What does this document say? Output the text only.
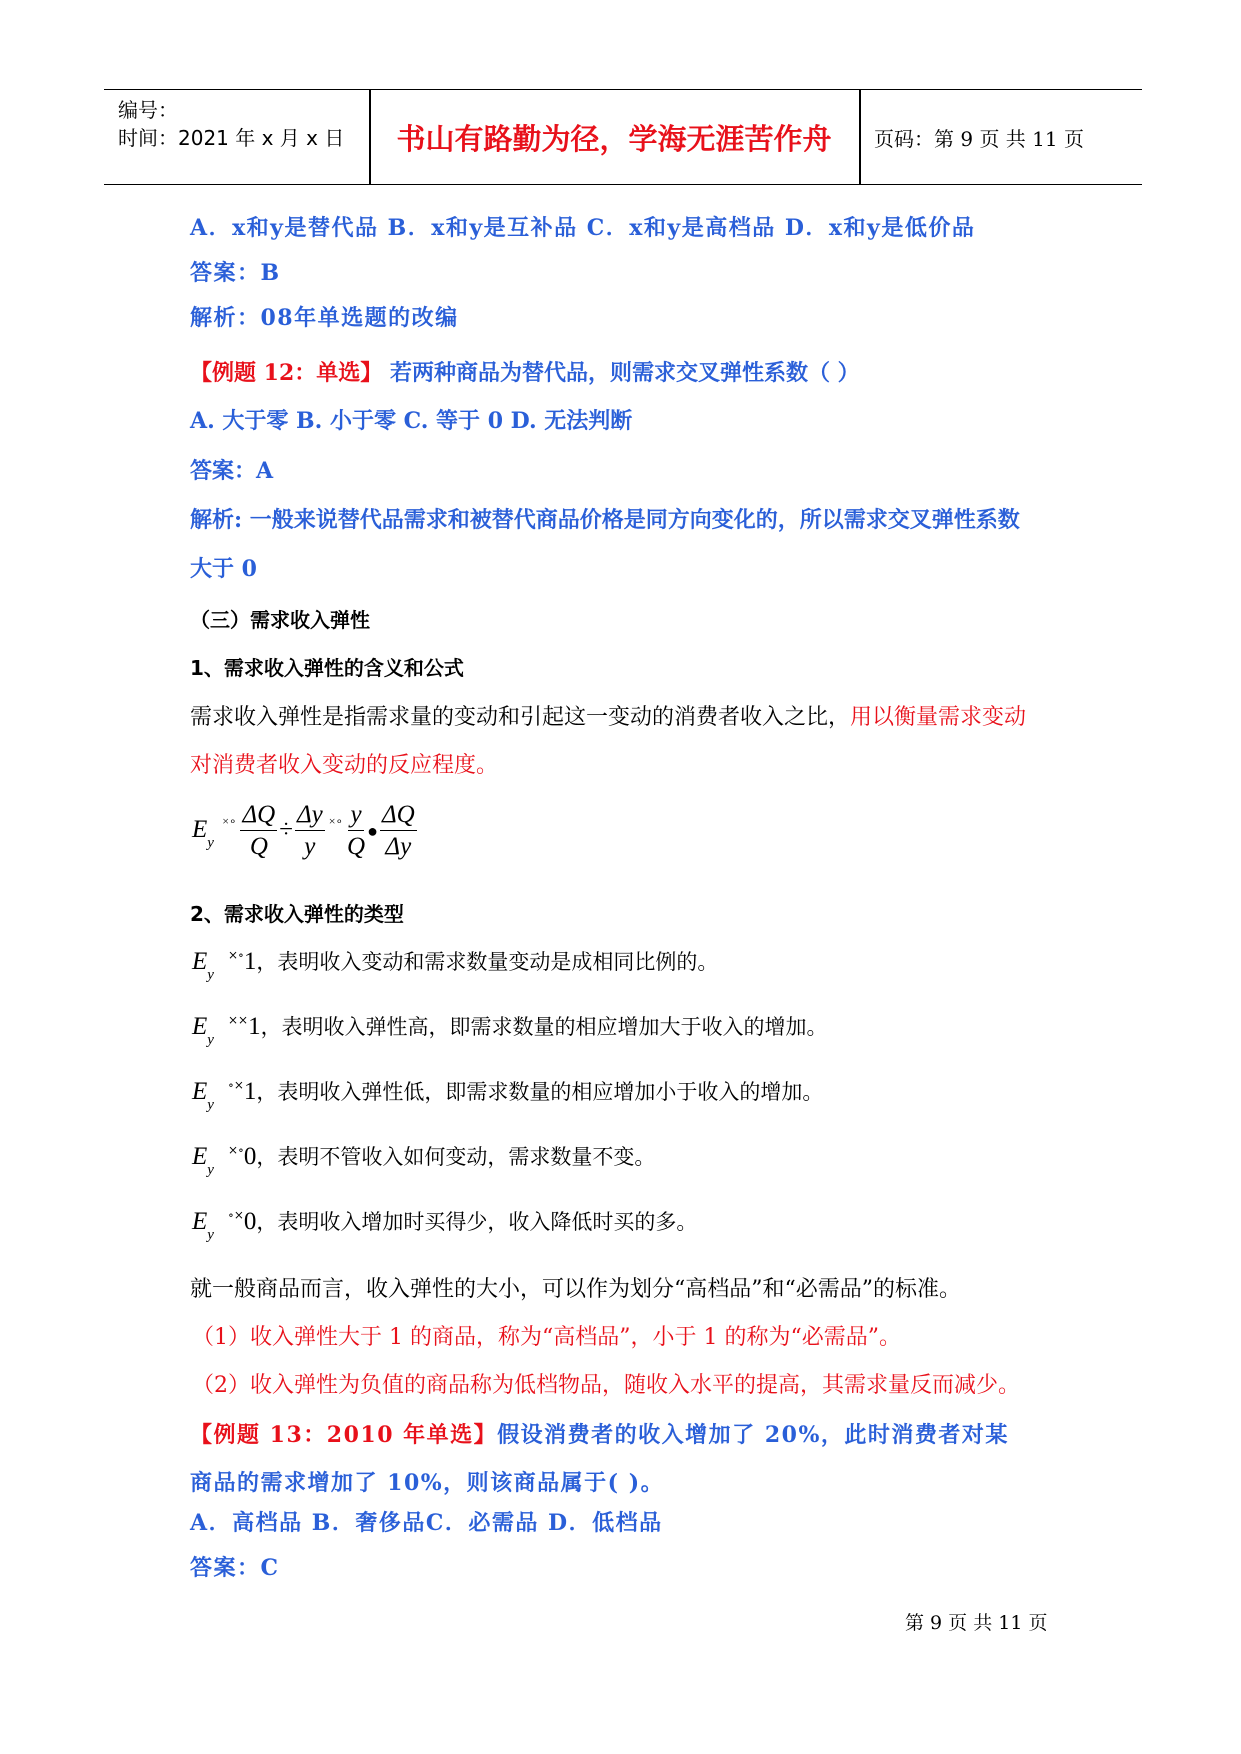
编号：
时间：2021 年 x 月 x 日	书山有路勤为径，学海无涯苦作舟	页码：第 9 页 共 11 页
A．x和y是替代品 B．x和y是互补品 C．x和y是高档品 D．x和y是低价品
答案：B
解析：08年单选题的改编
【例题 12：单选】 若两种商品为替代品，则需求交叉弹性系数（ ）
A. 大于零 B. 小于零 C. 等于 0 D. 无法判断
答案：A
解析: 一般来说替代品需求和被替代商品价格是同方向变化的，所以需求交叉弹性系数
大于 0
（三）需求收入弹性
1、需求收入弹性的含义和公式
需求收入弹性是指需求量的变动和引起这一变动的消费者收入之比，用以衡量需求变动
对消费者收入变动的反应程度。
$E_y$ $^{\times\circ} \frac{\Delta Q}{Q} \div \frac{\Delta y}{y} ^{\times\circ} \frac{y}{Q}$ ● $\frac{\Delta Q}{\Delta y}$
2、需求收入弹性的类型
$E_y^{\times\circ}1$，表明收入变动和需求数量变动是成相同比例的。
$E_y^{\times\times}1$，表明收入弹性高，即需求数量的相应增加大于收入的增加。
$E_y^{\circ\times}1$，表明收入弹性低，即需求数量的相应增加小于收入的增加。
$E_y^{\times\circ}0$，表明不管收入如何变动，需求数量不变。
$E_y^{\circ\times}0$，表明收入增加时买得少，收入降低时买的多。
就一般商品而言，收入弹性的大小，可以作为划分“高档品”和“必需品”的标准。
（1）收入弹性大于 1 的商品，称为“高档品”，小于 1 的称为“必需品”。
（2）收入弹性为负值的商品称为低档物品，随收入水平的提高，其需求量反而减少。
【例题 13：2010 年单选】假设消费者的收入增加了 20%，此时消费者对某
商品的需求增加了 10%，则该商品属于( )。
A．高档品 B．奢侈品C．必需品 D．低档品
答案：C
第 9 页 共 11 页
